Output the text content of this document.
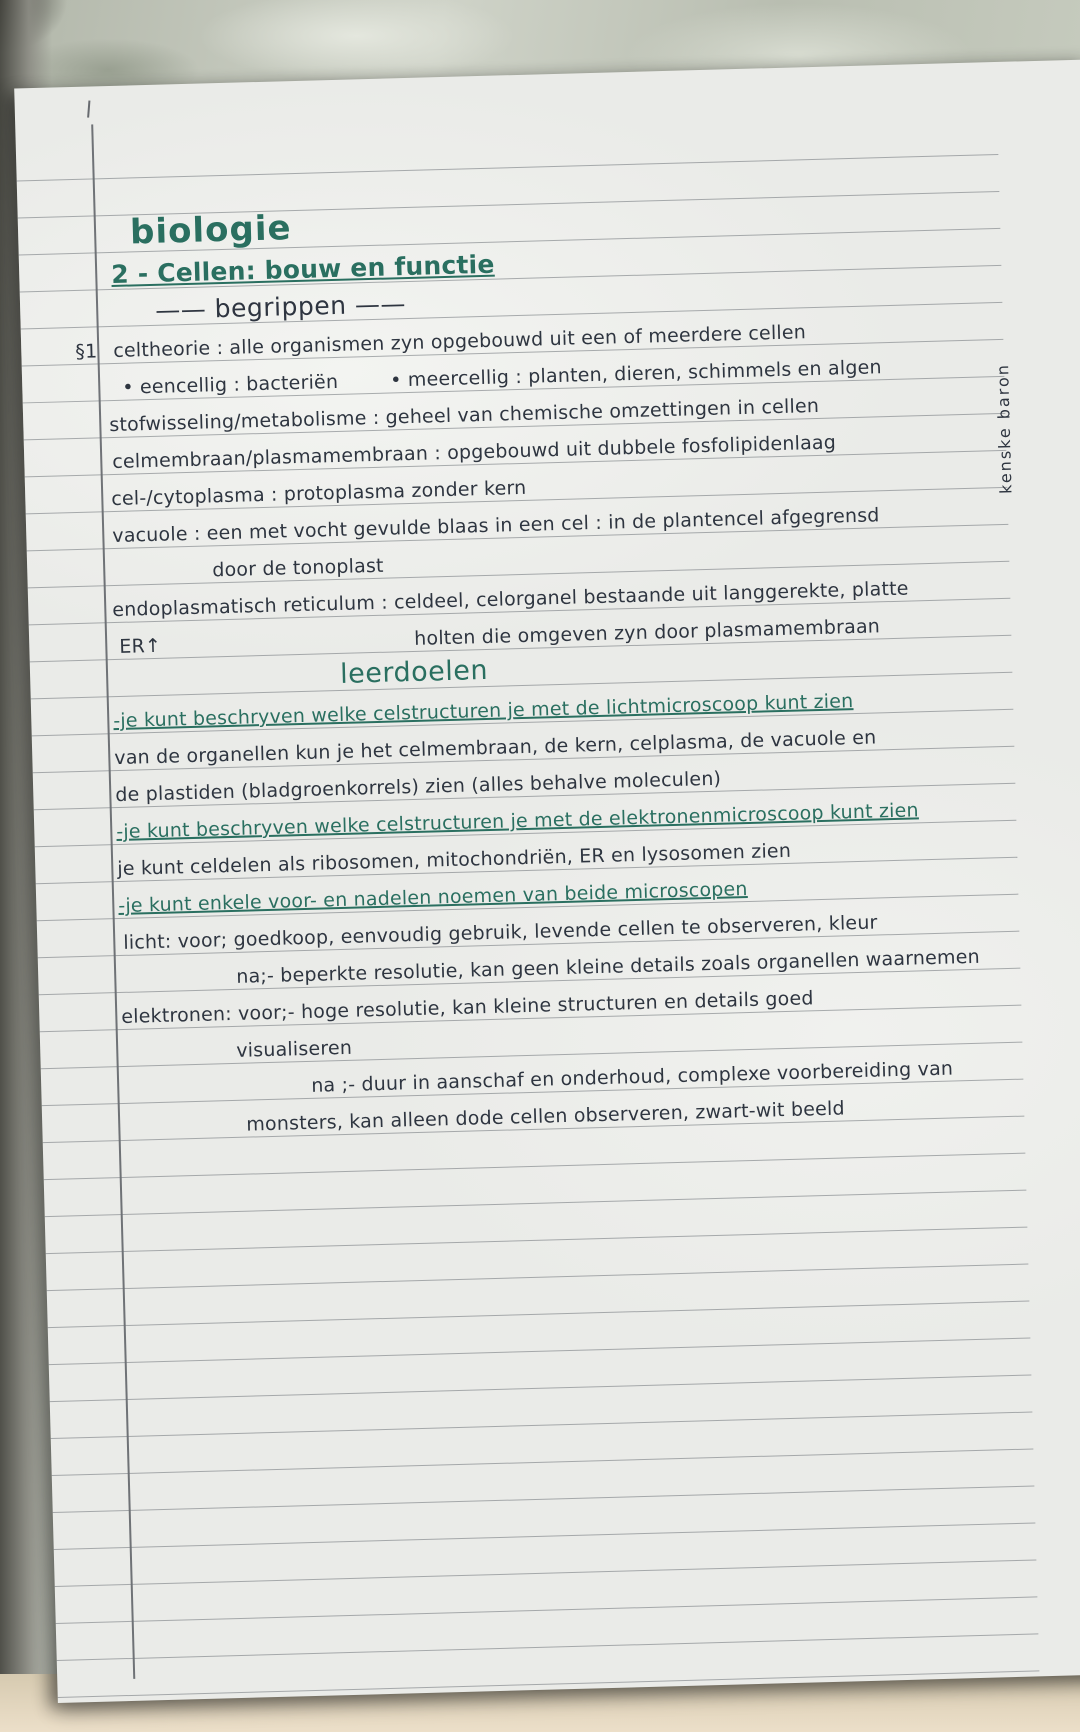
biologie
2 - Cellen: bouw en functie
—— begrippen ——
§1 celtheorie : alle organismen zyn opgebouwd uit een of meerdere cellen
• eencellig : bacteriën	• meercellig : planten, dieren, schimmels en algen
stofwisseling/metabolisme : geheel van chemische omzettingen in cellen
celmembraan/plasmamembraan : opgebouwd uit dubbele fosfolipidenlaag
cel-/cytoplasma : protoplasma zonder kern
vacuole : een met vocht gevulde blaas in een cel : in de plantencel afgegrensd
door de tonoplast
endoplasmatisch reticulum : celdeel, celorganel bestaande uit langgerekte, platte
ER↑	holten die omgeven zyn door plasmamembraan
leerdoelen
-je kunt beschryven welke celstructuren je met de lichtmicroscoop kunt zien
van de organellen kun je het celmembraan, de kern, celplasma, de vacuole en
de plastiden (bladgroenkorrels) zien (alles behalve moleculen)
-je kunt beschryven welke celstructuren je met de elektronenmicroscoop kunt zien
je kunt celdelen als ribosomen, mitochondriën, ER en lysosomen zien
-je kunt enkele voor- en nadelen noemen van beide microscopen
licht: voor; goedkoop, eenvoudig gebruik, levende cellen te observeren, kleur
na;- beperkte resolutie, kan geen kleine details zoals organellen waarnemen
elektronen: voor;- hoge resolutie, kan kleine structuren en details goed
visualiseren
na ;- duur in aanschaf en onderhoud, complexe voorbereiding van
monsters, kan alleen dode cellen observeren, zwart-wit beeld
kenske baron
